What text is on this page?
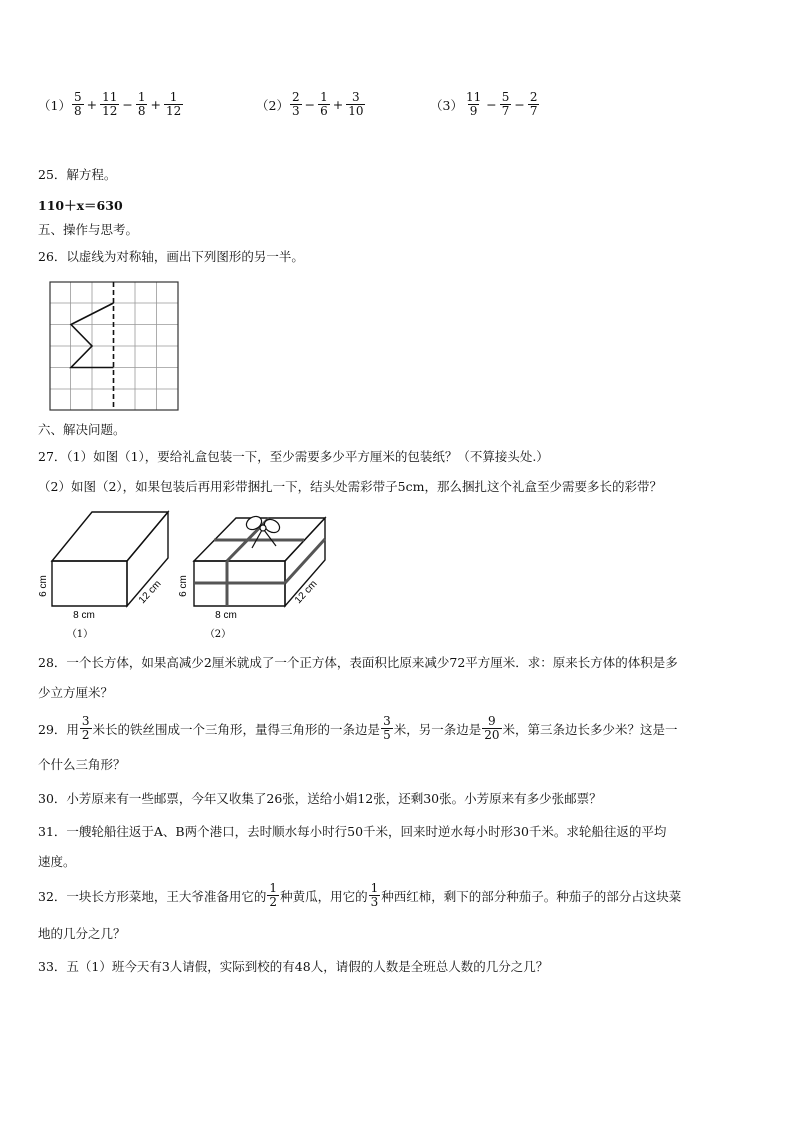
$(1) \frac{5}{8} + \frac{11}{12} - \frac{1}{8} + \frac{1}{12}$	$(2) \frac{2}{3} - \frac{1}{6} + \frac{3}{10}$	$(3) \frac{11}{9} - \frac{5}{7} - \frac{2}{7}$
25．解方程。
110＋x＝630
五、操作与思考。
26．以虚线为对称轴，画出下列图形的另一半。
六、解决问题。
27．（1）如图（1），要给礼盒包装一下，至少需要多少平方厘米的包装纸？（不算接头处.）
（2）如图（2），如果包装后再用彩带捆扎一下，结头处需彩带子5cm，那么捆扎这个礼盒至少需要多长的彩带？
6 cm
8 cm
12 cm
（1）
6 cm
8 cm
12 cm
（2）
28．一个长方体，如果高减少2厘米就成了一个正方体，表面积比原来减少72平方厘米．求：原来长方体的体积是多
少立方厘米？
29．用 $\frac{3}{2}$ 米长的铁丝围成一个三角形，量得三角形的一条边是 $\frac{3}{5}$ 米，另一条边是 $\frac{9}{20}$ 米，第三条边长多少米？这是一
个什么三角形？
30．小芳原来有一些邮票，今年又收集了26张，送给小娟12张，还剩30张。小芳原来有多少张邮票？
31．一艘轮船往返于A、B两个港口，去时顺水每小时行50千米，回来时逆水每小时形30千米。求轮船往返的平均
速度。
32．一块长方形菜地，王大爷准备用它的 $\frac{1}{2}$ 种黄瓜，用它的 $\frac{1}{3}$ 种西红柿，剩下的部分种茄子。种茄子的部分占这块菜
地的几分之几？
33．五（1）班今天有3人请假，实际到校的有48人，请假的人数是全班总人数的几分之几？
